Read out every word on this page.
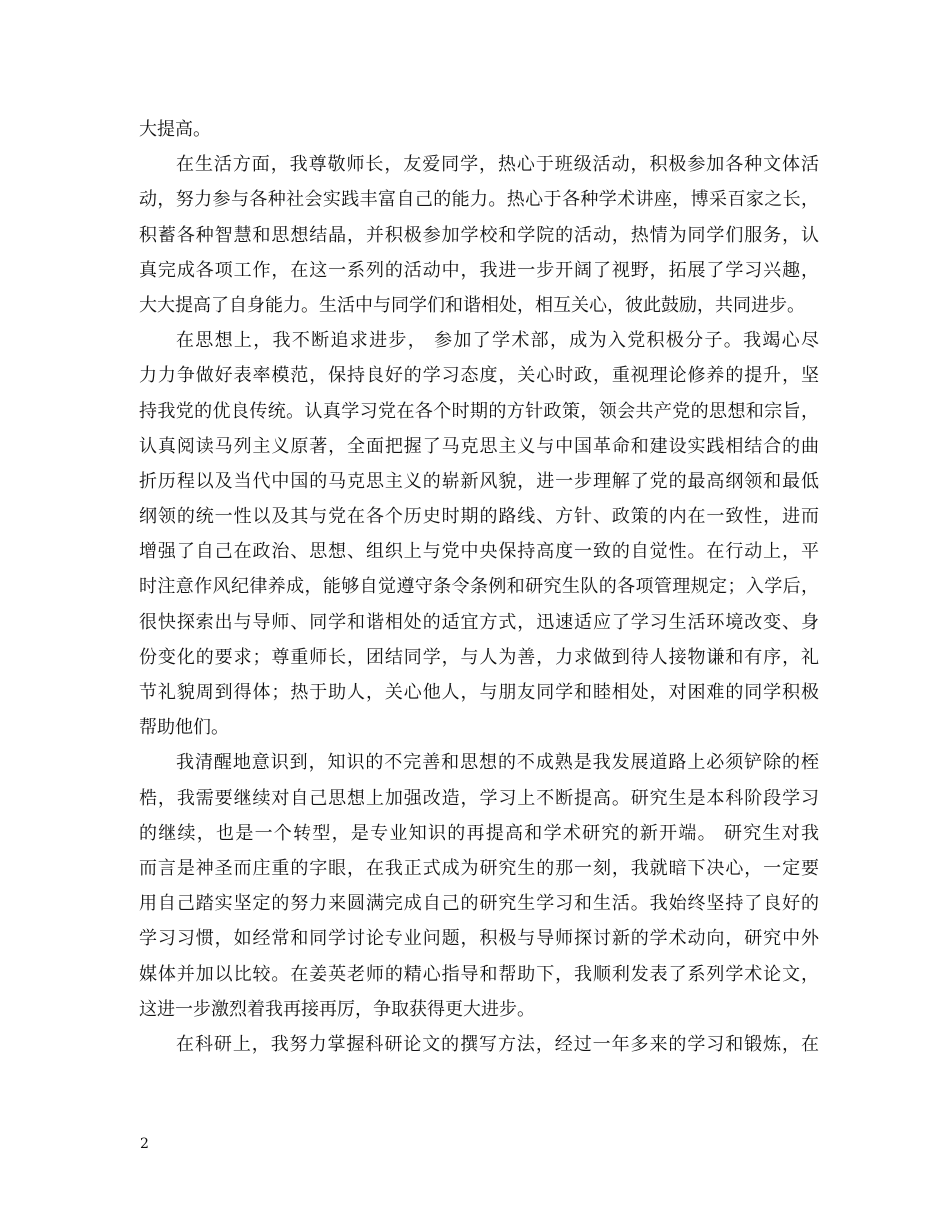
大提高。
在生活方面，我尊敬师长，友爱同学，热心于班级活动，积极参加各种文体活
动，努力参与各种社会实践丰富自己的能力。热心于各种学术讲座，博采百家之长，
积蓄各种智慧和思想结晶，并积极参加学校和学院的活动，热情为同学们服务，认
真完成各项工作，在这一系列的活动中，我进一步开阔了视野，拓展了学习兴趣，
大大提高了自身能力。生活中与同学们和谐相处，相互关心，彼此鼓励，共同进步。
在思想上，我不断追求进步， 参加了学术部，成为入党积极分子。我竭心尽
力力争做好表率模范，保持良好的学习态度，关心时政，重视理论修养的提升，坚
持我党的优良传统。认真学习党在各个时期的方针政策，领会共产党的思想和宗旨，
认真阅读马列主义原著，全面把握了马克思主义与中国革命和建设实践相结合的曲
折历程以及当代中国的马克思主义的崭新风貌，进一步理解了党的最高纲领和最低
纲领的统一性以及其与党在各个历史时期的路线、方针、政策的内在一致性，进而
增强了自己在政治、思想、组织上与党中央保持高度一致的自觉性。在行动上，平
时注意作风纪律养成，能够自觉遵守条令条例和研究生队的各项管理规定；入学后，
很快探索出与导师、同学和谐相处的适宜方式，迅速适应了学习生活环境改变、身
份变化的要求；尊重师长，团结同学，与人为善，力求做到待人接物谦和有序，礼
节礼貌周到得体；热于助人，关心他人，与朋友同学和睦相处，对困难的同学积极
帮助他们。
我清醒地意识到，知识的不完善和思想的不成熟是我发展道路上必须铲除的桎
梏，我需要继续对自己思想上加强改造，学习上不断提高。研究生是本科阶段学习
的继续，也是一个转型，是专业知识的再提高和学术研究的新开端。 研究生对我
而言是神圣而庄重的字眼，在我正式成为研究生的那一刻，我就暗下决心，一定要
用自己踏实坚定的努力来圆满完成自己的研究生学习和生活。我始终坚持了良好的
学习习惯，如经常和同学讨论专业问题，积极与导师探讨新的学术动向，研究中外
媒体并加以比较。在姜英老师的精心指导和帮助下，我顺利发表了系列学术论文，
这进一步激烈着我再接再厉，争取获得更大进步。
在科研上，我努力掌握科研论文的撰写方法，经过一年多来的学习和锻炼，在
2
